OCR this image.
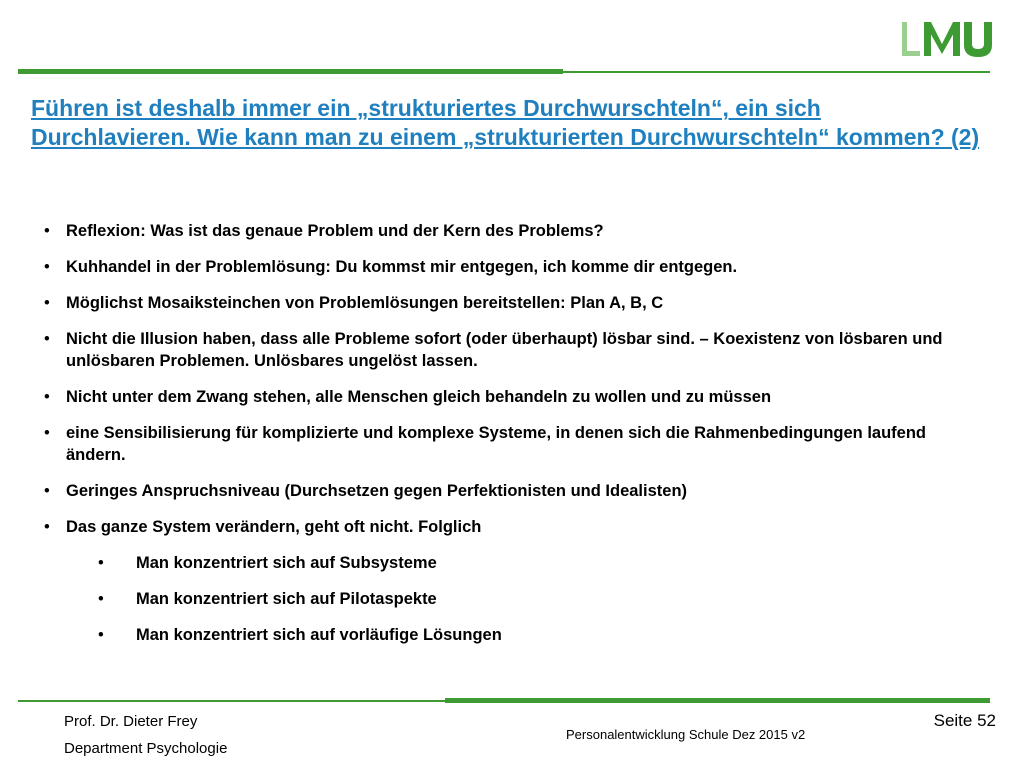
Führen ist deshalb immer ein „strukturiertes Durchwurschteln“, ein sich Durchlavieren. Wie kann man zu einem „strukturierten Durchwurschteln“ kommen? (2)
• Reflexion: Was ist das genaue Problem und der Kern des Problems?
• Kuhhandel in der Problemlösung: Du kommst mir entgegen, ich komme dir entgegen.
• Möglichst Mosaiksteinchen von Problemlösungen bereitstellen: Plan A, B, C
• Nicht die Illusion haben, dass alle Probleme sofort (oder überhaupt) lösbar sind. – Koexistenz von lösbaren und unlösbaren Problemen. Unlösbares ungelöst lassen.
• Nicht unter dem Zwang stehen, alle Menschen gleich behandeln zu wollen und zu müssen
• eine Sensibilisierung für komplizierte und komplexe Systeme, in denen sich die Rahmenbedingungen laufend ändern.
• Geringes Anspruchsniveau (Durchsetzen gegen Perfektionisten und Idealisten)
• Das ganze System verändern, geht oft nicht. Folglich
• Man konzentriert sich auf Subsysteme
• Man konzentriert sich auf Pilotaspekte
• Man konzentriert sich auf vorläufige Lösungen
Prof. Dr. Dieter Frey
Department Psychologie
Personalentwicklung Schule Dez 2015 v2
Seite 52
